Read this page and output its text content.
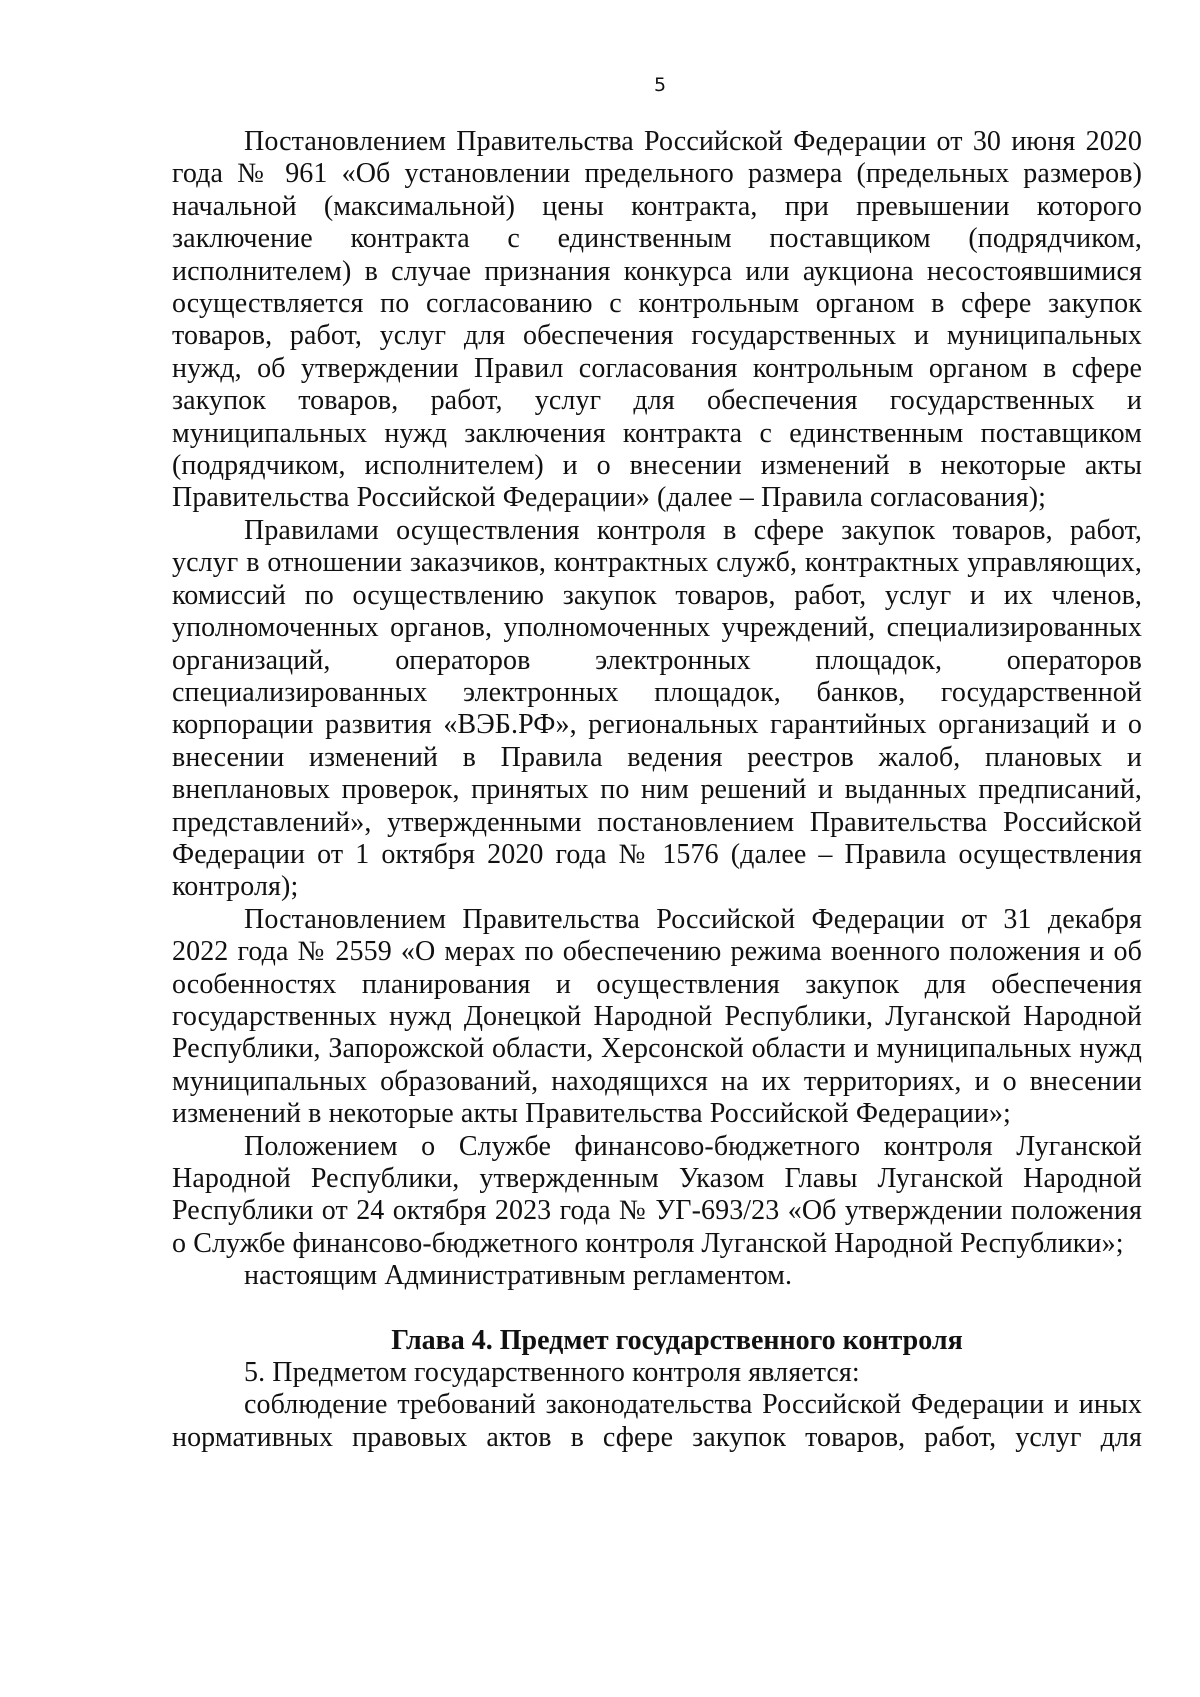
5

Постановлением Правительства Российской Федерации от 30 июня 2020 года № 961 «Об установлении предельного размера (предельных размеров) начальной (максимальной) цены контракта, при превышении которого заключение контракта с единственным поставщиком (подрядчиком, исполнителем) в случае признания конкурса или аукциона несостоявшимися осуществляется по согласованию с контрольным органом в сфере закупок товаров, работ, услуг для обеспечения государственных и муниципальных нужд, об утверждении Правил согласования контрольным органом в сфере закупок товаров, работ, услуг для обеспечения государственных и муниципальных нужд заключения контракта с единственным поставщиком (подрядчиком, исполнителем) и о внесении изменений в некоторые акты Правительства Российской Федерации» (далее – Правила согласования);

Правилами осуществления контроля в сфере закупок товаров, работ, услуг в отношении заказчиков, контрактных служб, контрактных управляющих, комиссий по осуществлению закупок товаров, работ, услуг и их членов, уполномоченных органов, уполномоченных учреждений, специализированных организаций, операторов электронных площадок, операторов специализированных электронных площадок, банков, государственной корпорации развития «ВЭБ.РФ», региональных гарантийных организаций и о внесении изменений в Правила ведения реестров жалоб, плановых и внеплановых проверок, принятых по ним решений и выданных предписаний, представлений», утвержденными постановлением Правительства Российской Федерации от 1 октября 2020 года № 1576 (далее – Правила осуществления контроля);

Постановлением Правительства Российской Федерации от 31 декабря 2022 года № 2559 «О мерах по обеспечению режима военного положения и об особенностях планирования и осуществления закупок для обеспечения государственных нужд Донецкой Народной Республики, Луганской Народной Республики, Запорожской области, Херсонской области и муниципальных нужд муниципальных образований, находящихся на их территориях, и о внесении изменений в некоторые акты Правительства Российской Федерации»;

Положением о Службе финансово-бюджетного контроля Луганской Народной Республики, утвержденным Указом Главы Луганской Народной Республики от 24 октября 2023 года № УГ-693/23 «Об утверждении положения о Службе финансово-бюджетного контроля Луганской Народной Республики»;

настоящим Административным регламентом.

Глава 4. Предмет государственного контроля

5. Предметом государственного контроля является:

соблюдение требований законодательства Российской Федерации и иных нормативных правовых актов в сфере закупок товаров, работ, услуг для
